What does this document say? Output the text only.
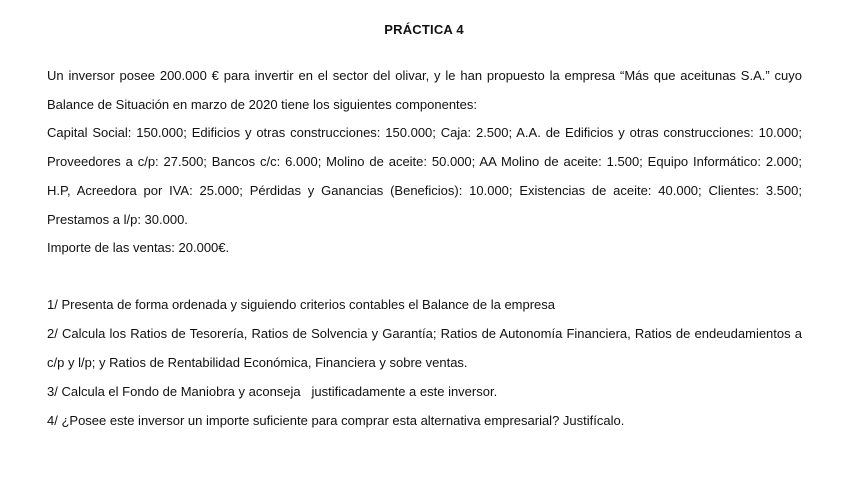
PRÁCTICA 4

Un inversor posee 200.000 € para invertir en el sector del olivar, y le han propuesto la empresa “Más que aceitunas S.A.” cuyo Balance de Situación en marzo de 2020 tiene los siguientes componentes:

Capital Social: 150.000; Edificios y otras construcciones: 150.000; Caja: 2.500; A.A. de Edificios y otras construcciones: 10.000; Proveedores a c/p: 27.500; Bancos c/c: 6.000; Molino de aceite: 50.000; AA Molino de aceite: 1.500; Equipo Informático: 2.000; H.P, Acreedora por IVA: 25.000; Pérdidas y Ganancias (Beneficios): 10.000; Existencias de aceite: 40.000; Clientes: 3.500; Prestamos a l/p: 30.000.

Importe de las ventas: 20.000€.

1/ Presenta de forma ordenada y siguiendo criterios contables el Balance de la empresa

2/ Calcula los Ratios de Tesorería, Ratios de Solvencia y Garantía; Ratios de Autonomía Financiera, Ratios de endeudamientos a c/p y l/p; y Ratios de Rentabilidad Económica, Financiera y sobre ventas.

3/ Calcula el Fondo de Maniobra y aconseja   justificadamente a este inversor.

4/ ¿Posee este inversor un importe suficiente para comprar esta alternativa empresarial? Justifícalo.
